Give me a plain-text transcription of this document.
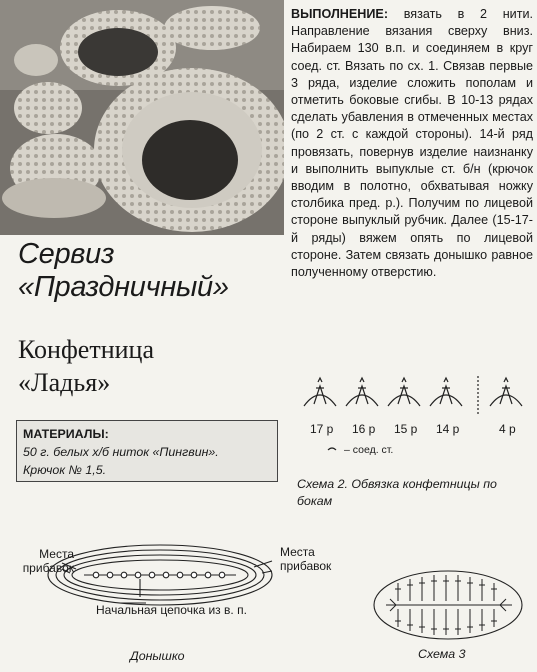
ВЫПОЛНЕНИЕ: вязать в 2 нити. Направление вязания сверху вниз. Набираем 130 в.п. и соединяем в круг соед. ст. Вязать по сх. 1. Связав первые 3 ряда, изделие сложить пополам и отметить боковые сгибы. В 10-13 рядах сделать убавления в отмеченных местах (по 2 ст. с каждой стороны). 14-й ряд провязать, повернув изделие наизнанку и выполнить выпуклые ст. б/н (крючок вводим в полотно, обхватывая ножку столбика пред. р.). Получим по лицевой стороне выпуклый рубчик. Далее (15-17-й ряды) вяжем опять по лицевой стороне. Затем связать донышко равное полученному отверстию.
Сервиз
«Праздничный»
Конфетница
«Ладья»
МАТЕРИАЛЫ:
50 г. белых х/б ниток «Пингвин».
Крючок № 1,5.
17 р 16 р 15 р 14 р	4 р
– соед. ст.
Схема 2. Обвязка конфетницы по бокам
Места прибавок
Места прибавок
Начальная цепочка из в. п.
Донышко	Схема 3
